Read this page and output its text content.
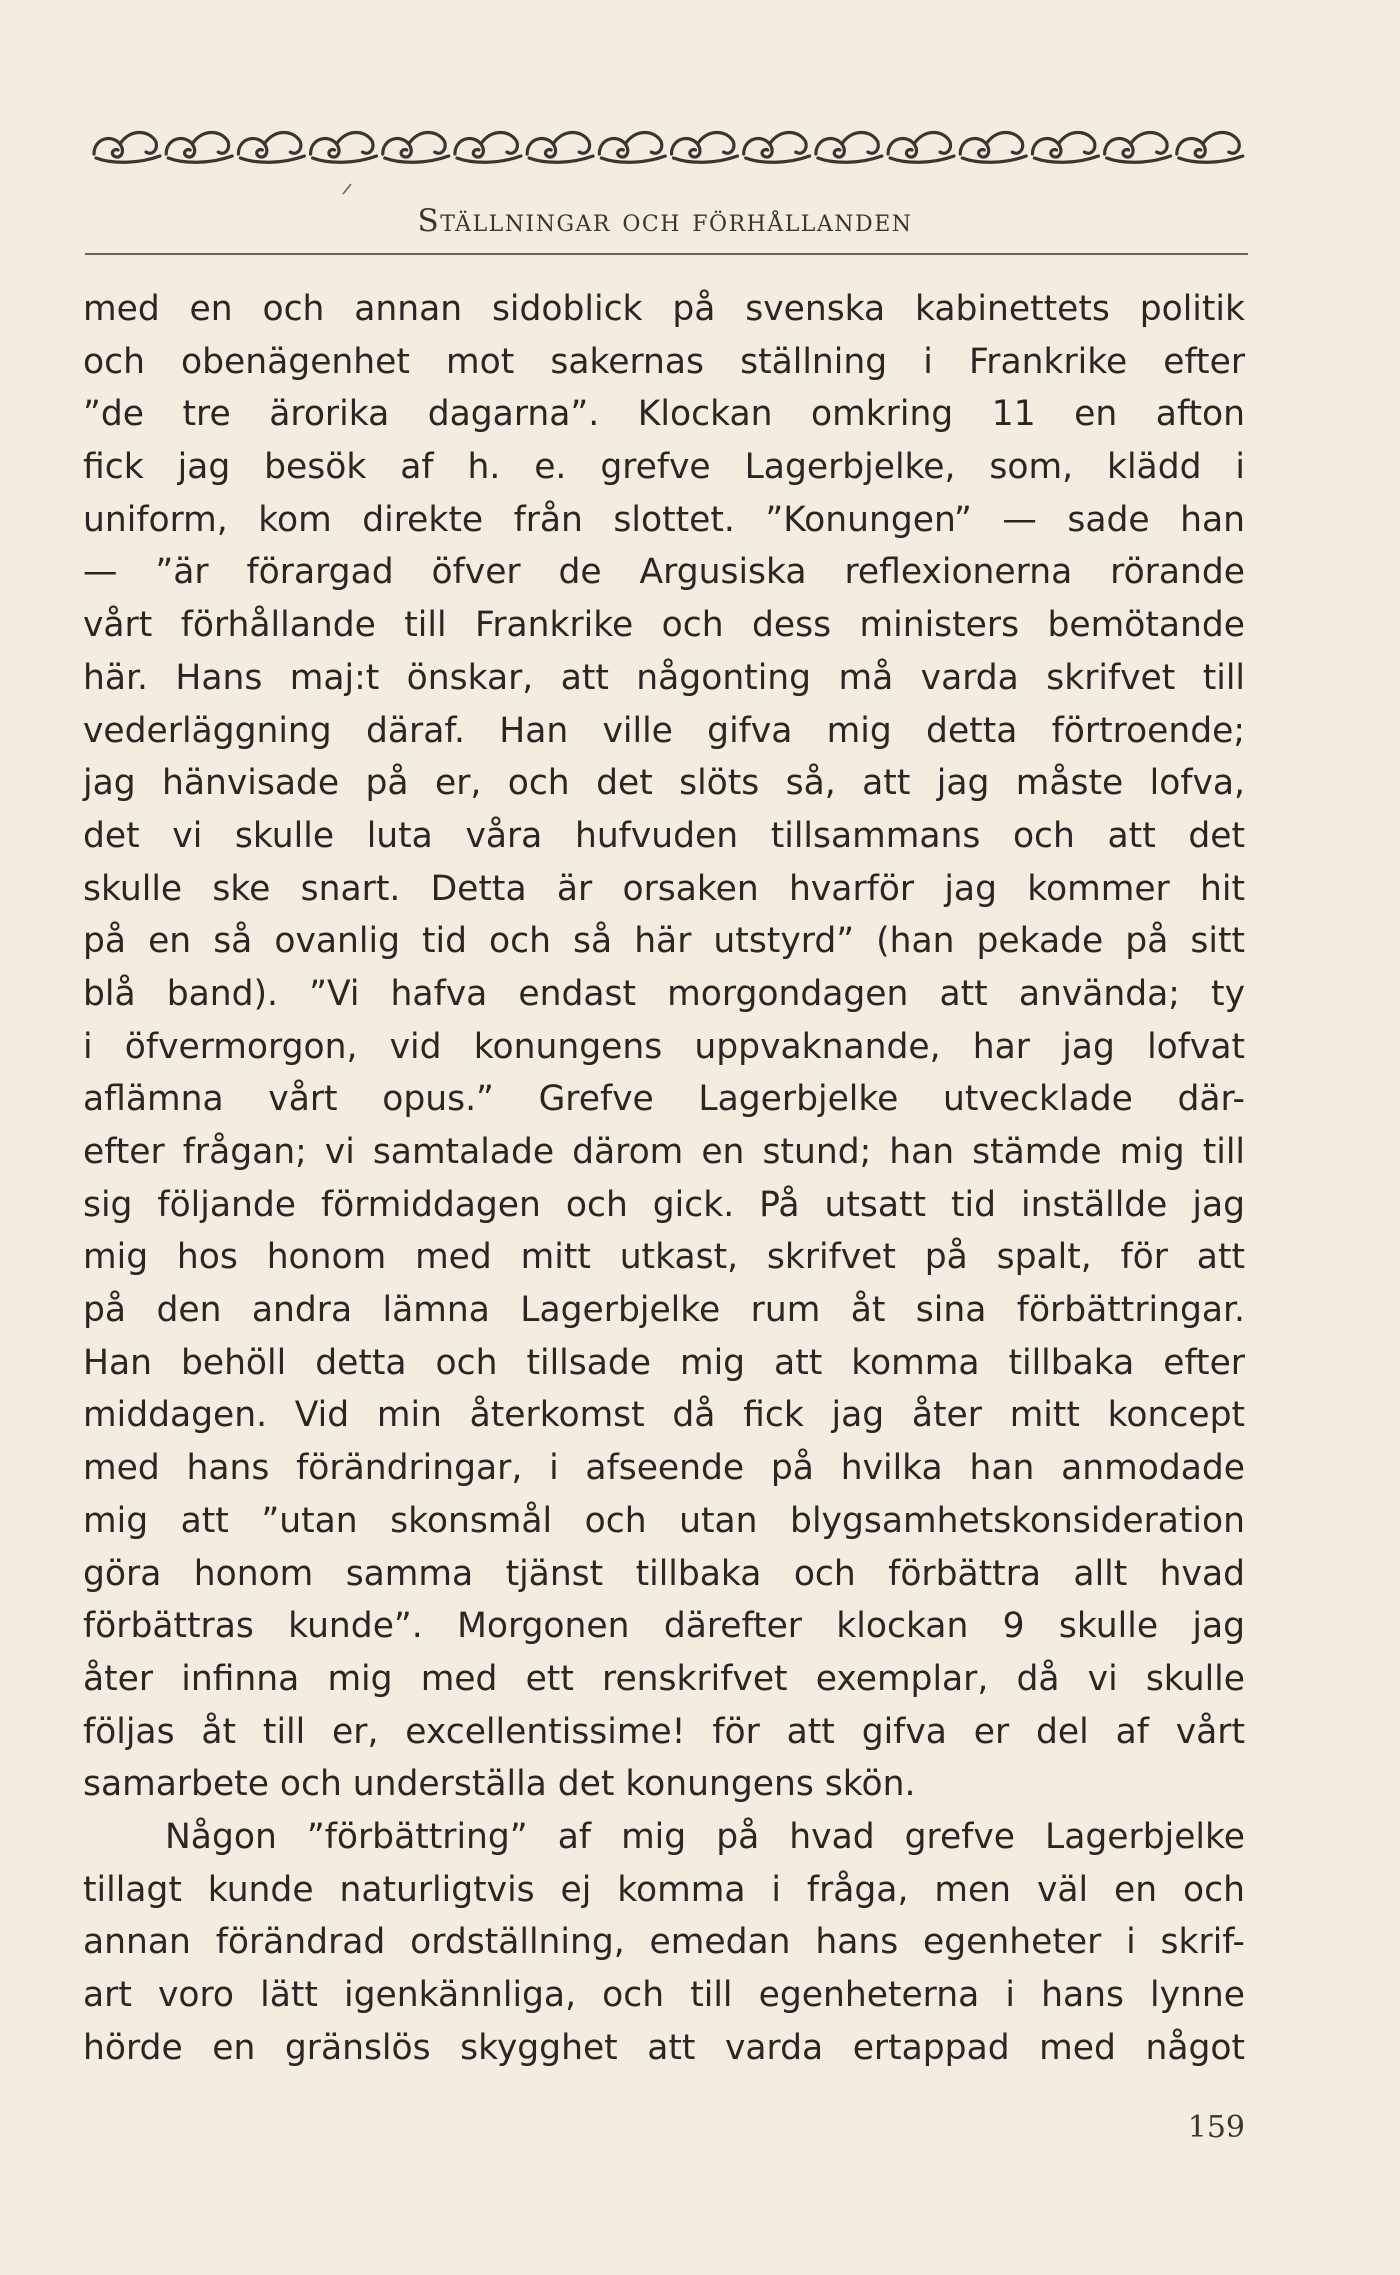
Ställningar och förhållanden
med en och annan sidoblick på svenska kabinettets politik
och obenägenhet mot sakernas ställning i Frankrike efter
”de tre ärorika dagarna”. Klockan omkring 11 en afton
fick jag besök af h. e. grefve Lagerbjelke, som, klädd i
uniform, kom direkte från slottet. ”Konungen” — sade han
— ”är förargad öfver de Argusiska reflexionerna rörande
vårt förhållande till Frankrike och dess ministers bemötande
här. Hans maj:t önskar, att någonting må varda skrifvet till
vederläggning däraf. Han ville gifva mig detta förtroende;
jag hänvisade på er, och det slöts så, att jag måste lofva,
det vi skulle luta våra hufvuden tillsammans och att det
skulle ske snart. Detta är orsaken hvarför jag kommer hit
på en så ovanlig tid och så här utstyrd” (han pekade på sitt
blå band). ”Vi hafva endast morgondagen att använda; ty
i öfvermorgon, vid konungens uppvaknande, har jag lofvat
aflämna vårt opus.” Grefve Lagerbjelke utvecklade där-
efter frågan; vi samtalade därom en stund; han stämde mig till
sig följande förmiddagen och gick. På utsatt tid inställde jag
mig hos honom med mitt utkast, skrifvet på spalt, för att
på den andra lämna Lagerbjelke rum åt sina förbättringar.
Han behöll detta och tillsade mig att komma tillbaka efter
middagen. Vid min återkomst då fick jag åter mitt koncept
med hans förändringar, i afseende på hvilka han anmodade
mig att ”utan skonsmål och utan blygsamhetskonsideration
göra honom samma tjänst tillbaka och förbättra allt hvad
förbättras kunde”. Morgonen därefter klockan 9 skulle jag
åter infinna mig med ett renskrifvet exemplar, då vi skulle
följas åt till er, excellentissime! för att gifva er del af vårt
samarbete och underställa det konungens skön.
Någon ”förbättring” af mig på hvad grefve Lagerbjelke
tillagt kunde naturligtvis ej komma i fråga, men väl en och
annan förändrad ordställning, emedan hans egenheter i skrif-
art voro lätt igenkännliga, och till egenheterna i hans lynne
hörde en gränslös skygghet att varda ertappad med något
159
